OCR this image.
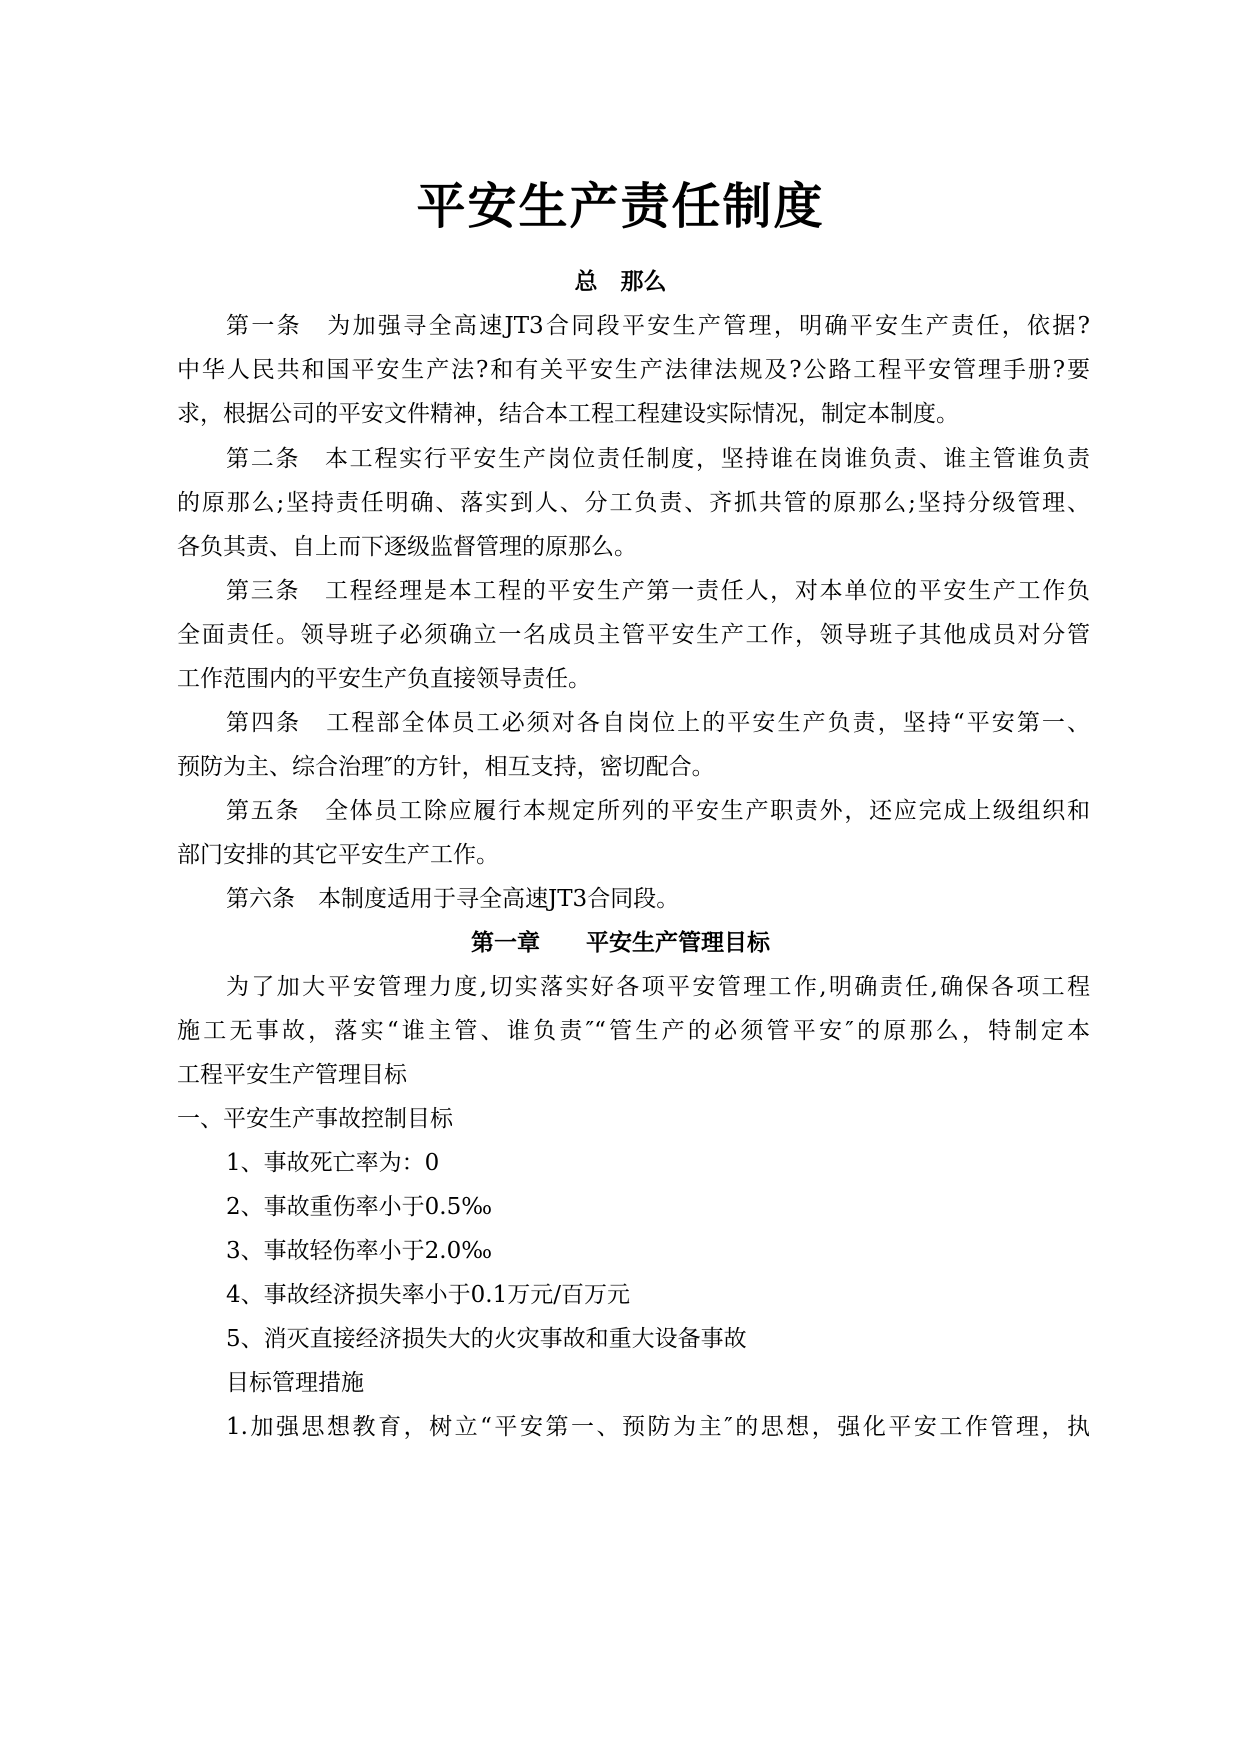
平安生产责任制度
总　那么
第一条　为加强寻全高速JT3合同段平安生产管理，明确平安生产责任，依据?
中华人民共和国平安生产法?和有关平安生产法律法规及?公路工程平安管理手册?要
求，根据公司的平安文件精神，结合本工程工程建设实际情况，制定本制度。
第二条　本工程实行平安生产岗位责任制度，坚持谁在岗谁负责、谁主管谁负责
的原那么;坚持责任明确、落实到人、分工负责、齐抓共管的原那么;坚持分级管理、
各负其责、自上而下逐级监督管理的原那么。
第三条　工程经理是本工程的平安生产第一责任人，对本单位的平安生产工作负
全面责任。领导班子必须确立一名成员主管平安生产工作，领导班子其他成员对分管
工作范围内的平安生产负直接领导责任。
第四条　工程部全体员工必须对各自岗位上的平安生产负责，坚持“平安第一、
预防为主、综合治理″的方针，相互支持，密切配合。
第五条　全体员工除应履行本规定所列的平安生产职责外，还应完成上级组织和
部门安排的其它平安生产工作。
第六条　本制度适用于寻全高速JT3合同段。
第一章　　平安生产管理目标
为了加大平安管理力度,切实落实好各项平安管理工作,明确责任,确保各项工程
施工无事故，落实“谁主管、谁负责″“管生产的必须管平安″的原那么，特制定本
工程平安生产管理目标
一、平安生产事故控制目标
1、事故死亡率为：0
2、事故重伤率小于0.5‰
3、事故轻伤率小于2.0‰
4、事故经济损失率小于0.1万元/百万元
5、消灭直接经济损失大的火灾事故和重大设备事故
目标管理措施
1.加强思想教育，树立“平安第一、预防为主″的思想，强化平安工作管理，执
